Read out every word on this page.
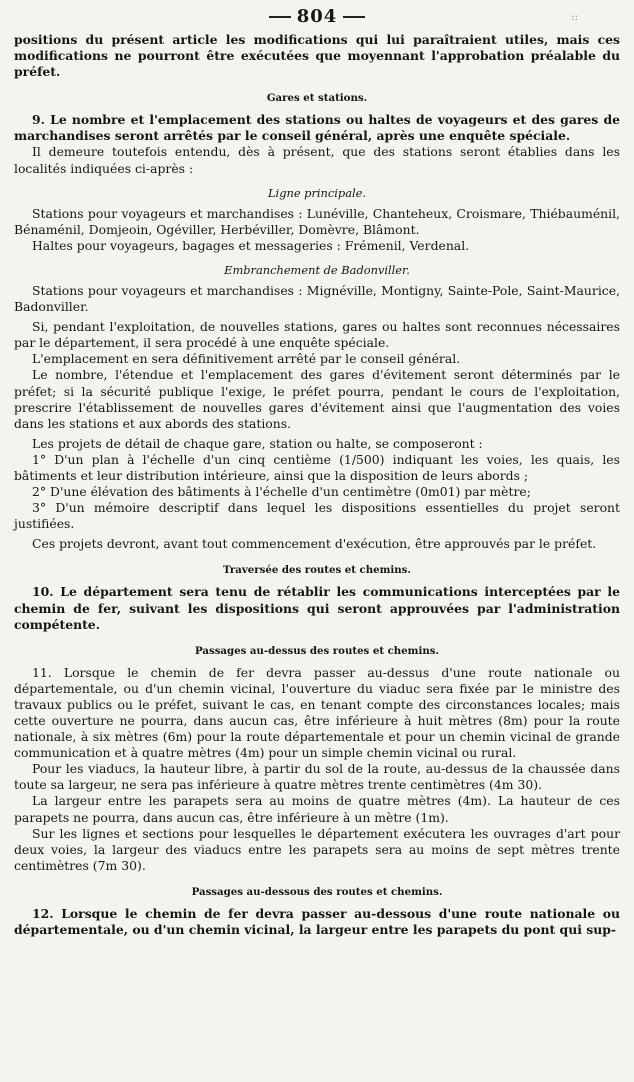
::
804

positions du présent article les modifications qui lui paraîtraient utiles, mais ces modifications ne pourront être exécutées que moyennant l'approbation préalable du préfet.

Gares et stations.

9. Le nombre et l'emplacement des stations ou haltes de voyageurs et des gares de marchandises seront arrêtés par le conseil général, après une enquête spéciale.

Il demeure toutefois entendu, dès à présent, que des stations seront établies dans les localités indiquées ci-après :

Ligne principale.

Stations pour voyageurs et marchandises : Lunéville, Chanteheux, Croismare, Thiébauménil, Bénaménil, Domjeoin, Ogéviller, Herbéviller, Domèvre, Blâmont.

Haltes pour voyageurs, bagages et messageries : Frémenil, Verdenal.

Embranchement de Badonviller.

Stations pour voyageurs et marchandises : Mignéville, Montigny, Sainte-Pole, Saint-Maurice, Badonviller.

Si, pendant l'exploitation, de nouvelles stations, gares ou haltes sont reconnues nécessaires par le département, il sera procédé à une enquête spéciale.

L'emplacement en sera définitivement arrêté par le conseil général.

Le nombre, l'étendue et l'emplacement des gares d'évitement seront déterminés par le préfet; si la sécurité publique l'exige, le préfet pourra, pendant le cours de l'exploitation, prescrire l'établissement de nouvelles gares d'évitement ainsi que l'augmentation des voies dans les stations et aux abords des stations.

Les projets de détail de chaque gare, station ou halte, se composeront :

1° D'un plan à l'échelle d'un cinq centième (1/500) indiquant les voies, les quais, les bâtiments et leur distribution intérieure, ainsi que la disposition de leurs abords ;

2° D'une élévation des bâtiments à l'échelle d'un centimètre (0m01) par mètre;

3° D'un mémoire descriptif dans lequel les dispositions essentielles du projet seront justifiées.

Ces projets devront, avant tout commencement d'exécution, être approuvés par le préfet.

Traversée des routes et chemins.

10. Le département sera tenu de rétablir les communications interceptées par le chemin de fer, suivant les dispositions qui seront approuvées par l'administration compétente.

Passages au-dessus des routes et chemins.

11. Lorsque le chemin de fer devra passer au-dessus d'une route nationale ou départementale, ou d'un chemin vicinal, l'ouverture du viaduc sera fixée par le ministre des travaux publics ou le préfet, suivant le cas, en tenant compte des circonstances locales; mais cette ouverture ne pourra, dans aucun cas, être inférieure à huit mètres (8m) pour la route nationale, à six mètres (6m) pour la route départementale et pour un chemin vicinal de grande communication et à quatre mètres (4m) pour un simple chemin vicinal ou rural.

Pour les viaducs, la hauteur libre, à partir du sol de la route, au-dessus de la chaussée dans toute sa largeur, ne sera pas inférieure à quatre mètres trente centimètres (4m 30).

La largeur entre les parapets sera au moins de quatre mètres (4m). La hauteur de ces parapets ne pourra, dans aucun cas, être inférieure à un mètre (1m).

Sur les lignes et sections pour lesquelles le département exécutera les ouvrages d'art pour deux voies, la largeur des viaducs entre les parapets sera au moins de sept mètres trente centimètres (7m 30).

Passages au-dessous des routes et chemins.

12. Lorsque le chemin de fer devra passer au-dessous d'une route nationale ou départementale, ou d'un chemin vicinal, la largeur entre les parapets du pont qui sup-
